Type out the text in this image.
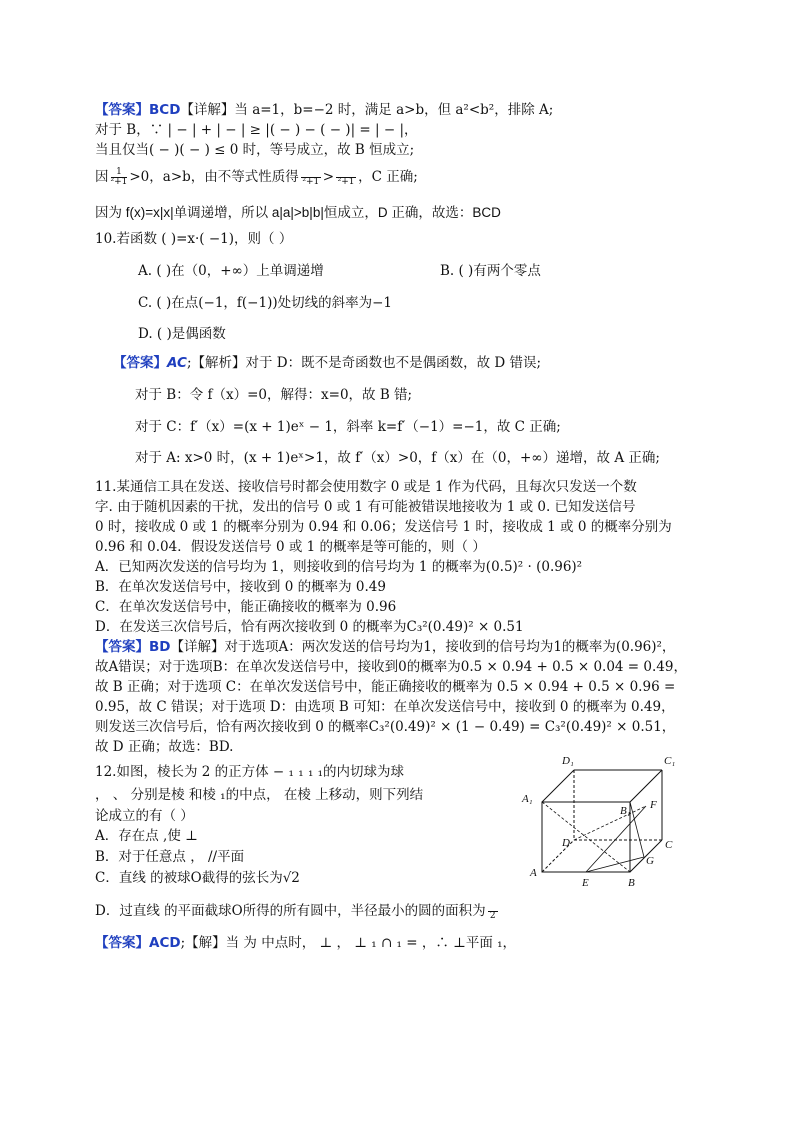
【答案】BCD【详解】当 a=1，b=−2 时，满足 a>b，但 a²<b²，排除 A;
对于 B，∵ | − | + | − | ≥ |( − ) − ( − )| = | − |，
当且仅当( − )( − ) ≤ 0 时，等号成立，故 B 恒成立;
因 $\frac{1}{\text{²+1}} >0$，a>b，由不等式性质得
²+1 >
²+1 ，C 正确;
因为 f(x)=x|x|单调递增，所以 a|a|>b|b|恒成立，D 正确，故选：BCD
10.若函数 ( )=x·( −1)，则（ ）
A. ( )在（0，+∞）上单调递增	B. ( )有两个零点
C. ( )在点(−1，f(−1))处切线的斜率为−1
D. ( )是偶函数
【答案】AC;【解析】对于 D：既不是奇函数也不是偶函数，故 D 错误;
对于 B：令 f（x）=0，解得：x=0，故 B 错;
对于 C：f′（x）=(x + 1)eˣ − 1，斜率 k=f′（−1）=−1，故 C 正确;
对于 A: x>0 时，(x + 1)eˣ>1，故 f′（x）>0，f（x）在（0，+∞）递增，故 A 正确;
11.某通信工具在发送、接收信号时都会使用数字 0 或是 1 作为代码，且每次只发送一个数
字. 由于随机因素的干扰，发出的信号 0 或 1 有可能被错误地接收为 1 或 0. 已知发送信号
0 时，接收成 0 或 1 的概率分别为 0.94 和 0.06；发送信号 1 时，接收成 1 或 0 的概率分别为
0.96 和 0.04．假设发送信号 0 或 1 的概率是等可能的，则（ ）
A．已知两次发送的信号均为 1，则接收到的信号均为 1 的概率为(0.5)² · (0.96)²
B．在单次发送信号中，接收到 0 的概率为 0.49
C．在单次发送信号中，能正确接收的概率为 0.96
D．在发送三次信号后，恰有两次接收到 0 的概率为C₃²(0.49)² × 0.51
【答案】BD【详解】对于选项A：两次发送的信号均为1，接收到的信号均为1的概率为(0.96)²，
故A错误；对于选项B：在单次发送信号中，接收到0的概率为0.5 × 0.94 + 0.5 × 0.04 = 0.49，
故 B 正确；对于选项 C：在单次发送信号中，能正确接收的概率为 0.5 × 0.94 + 0.5 × 0.96 =
0.95，故 C 错误；对于选项 D：由选项 B 可知：在单次发送信号中，接收到 0 的概率为 0.49，
则发送三次信号后，恰有两次接收到 0 的概率C₃²(0.49)² × (1 − 0.49) = C₃²(0.49)² × 0.51，
故 D 正确；故选：BD.
12.如图，棱长为 2 的正方体 − ₁ ₁ ₁ ₁的内切球为球
， 、 分别是棱 和棱 ₁的中点， 在棱 上移动，则下列结
论成立的有（ ）
A．存在点 ,使 ⊥
B．对于任意点 ， //平面
C．直线 的被球O截得的弦长为√2
D．过直线 的平面截球O所得的所有圆中，半径最小的圆的面积为
2
【答案】ACD;【解】当 为 中点时， ⊥ ， ⊥ ₁ ∩ ₁ = ，∴ ⊥平面 ₁，
D₁	C₁
A₁
B₁ F
D	C
G
A
E	B
